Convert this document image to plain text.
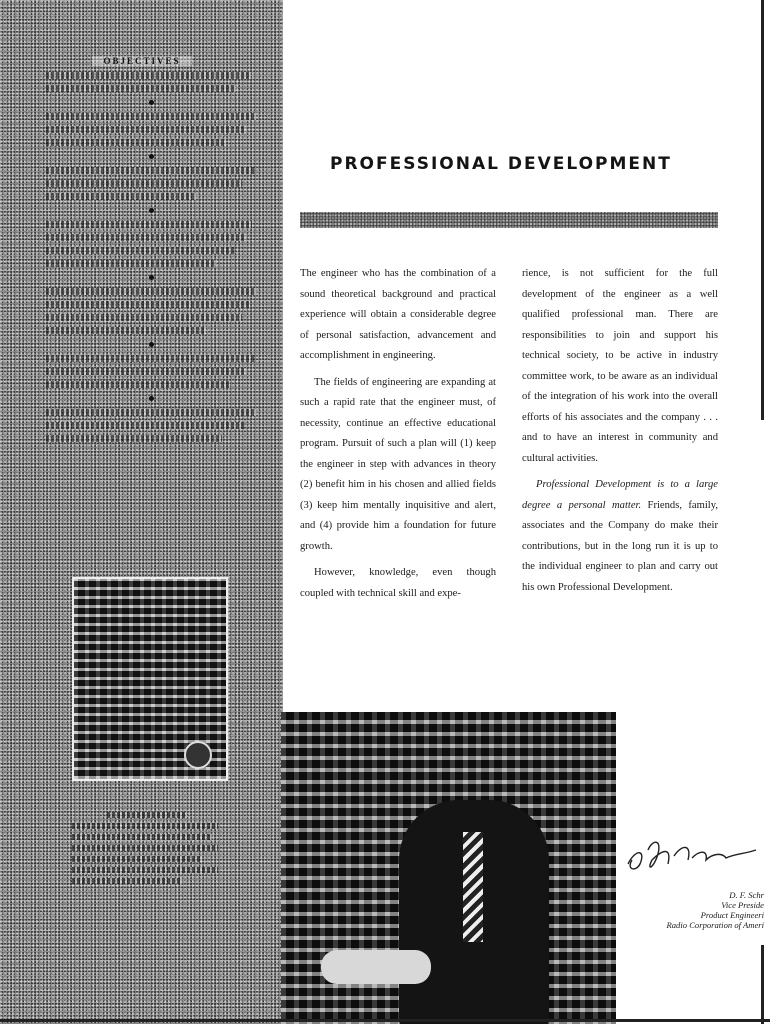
OBJECTIVES
PROFESSIONAL DEVELOPMENT

The engineer who has the combination of a sound theoretical background and practical experience will obtain a considerable degree of personal satisfaction, advancement and accomplishment in engineering.

The fields of engineering are expanding at such a rapid rate that the engineer must, of necessity, continue an effective educational program. Pursuit of such a plan will (1) keep the engineer in step with advances in theory (2) benefit him in his chosen and allied fields (3) keep him mentally inquisitive and alert, and (4) provide him a foundation for future growth.

However, knowledge, even though coupled with technical skill and expe-

rience, is not sufficient for the full development of the engineer as a well qualified professional man. There are responsibilities to join and support his technical society, to be active in industry committee work, to be aware as an individual of the integration of his work into the overall efforts of his associates and the company . . . and to have an interest in community and cultural activities.

Professional Development is to a large degree a personal matter. Friends, family, associates and the Company do make their contributions, but in the long run it is up to the individual engineer to plan and carry out his own Professional Development.

D. F. Schr
Vice Preside
Product Engineeri
Radio Corporation of Ameri
